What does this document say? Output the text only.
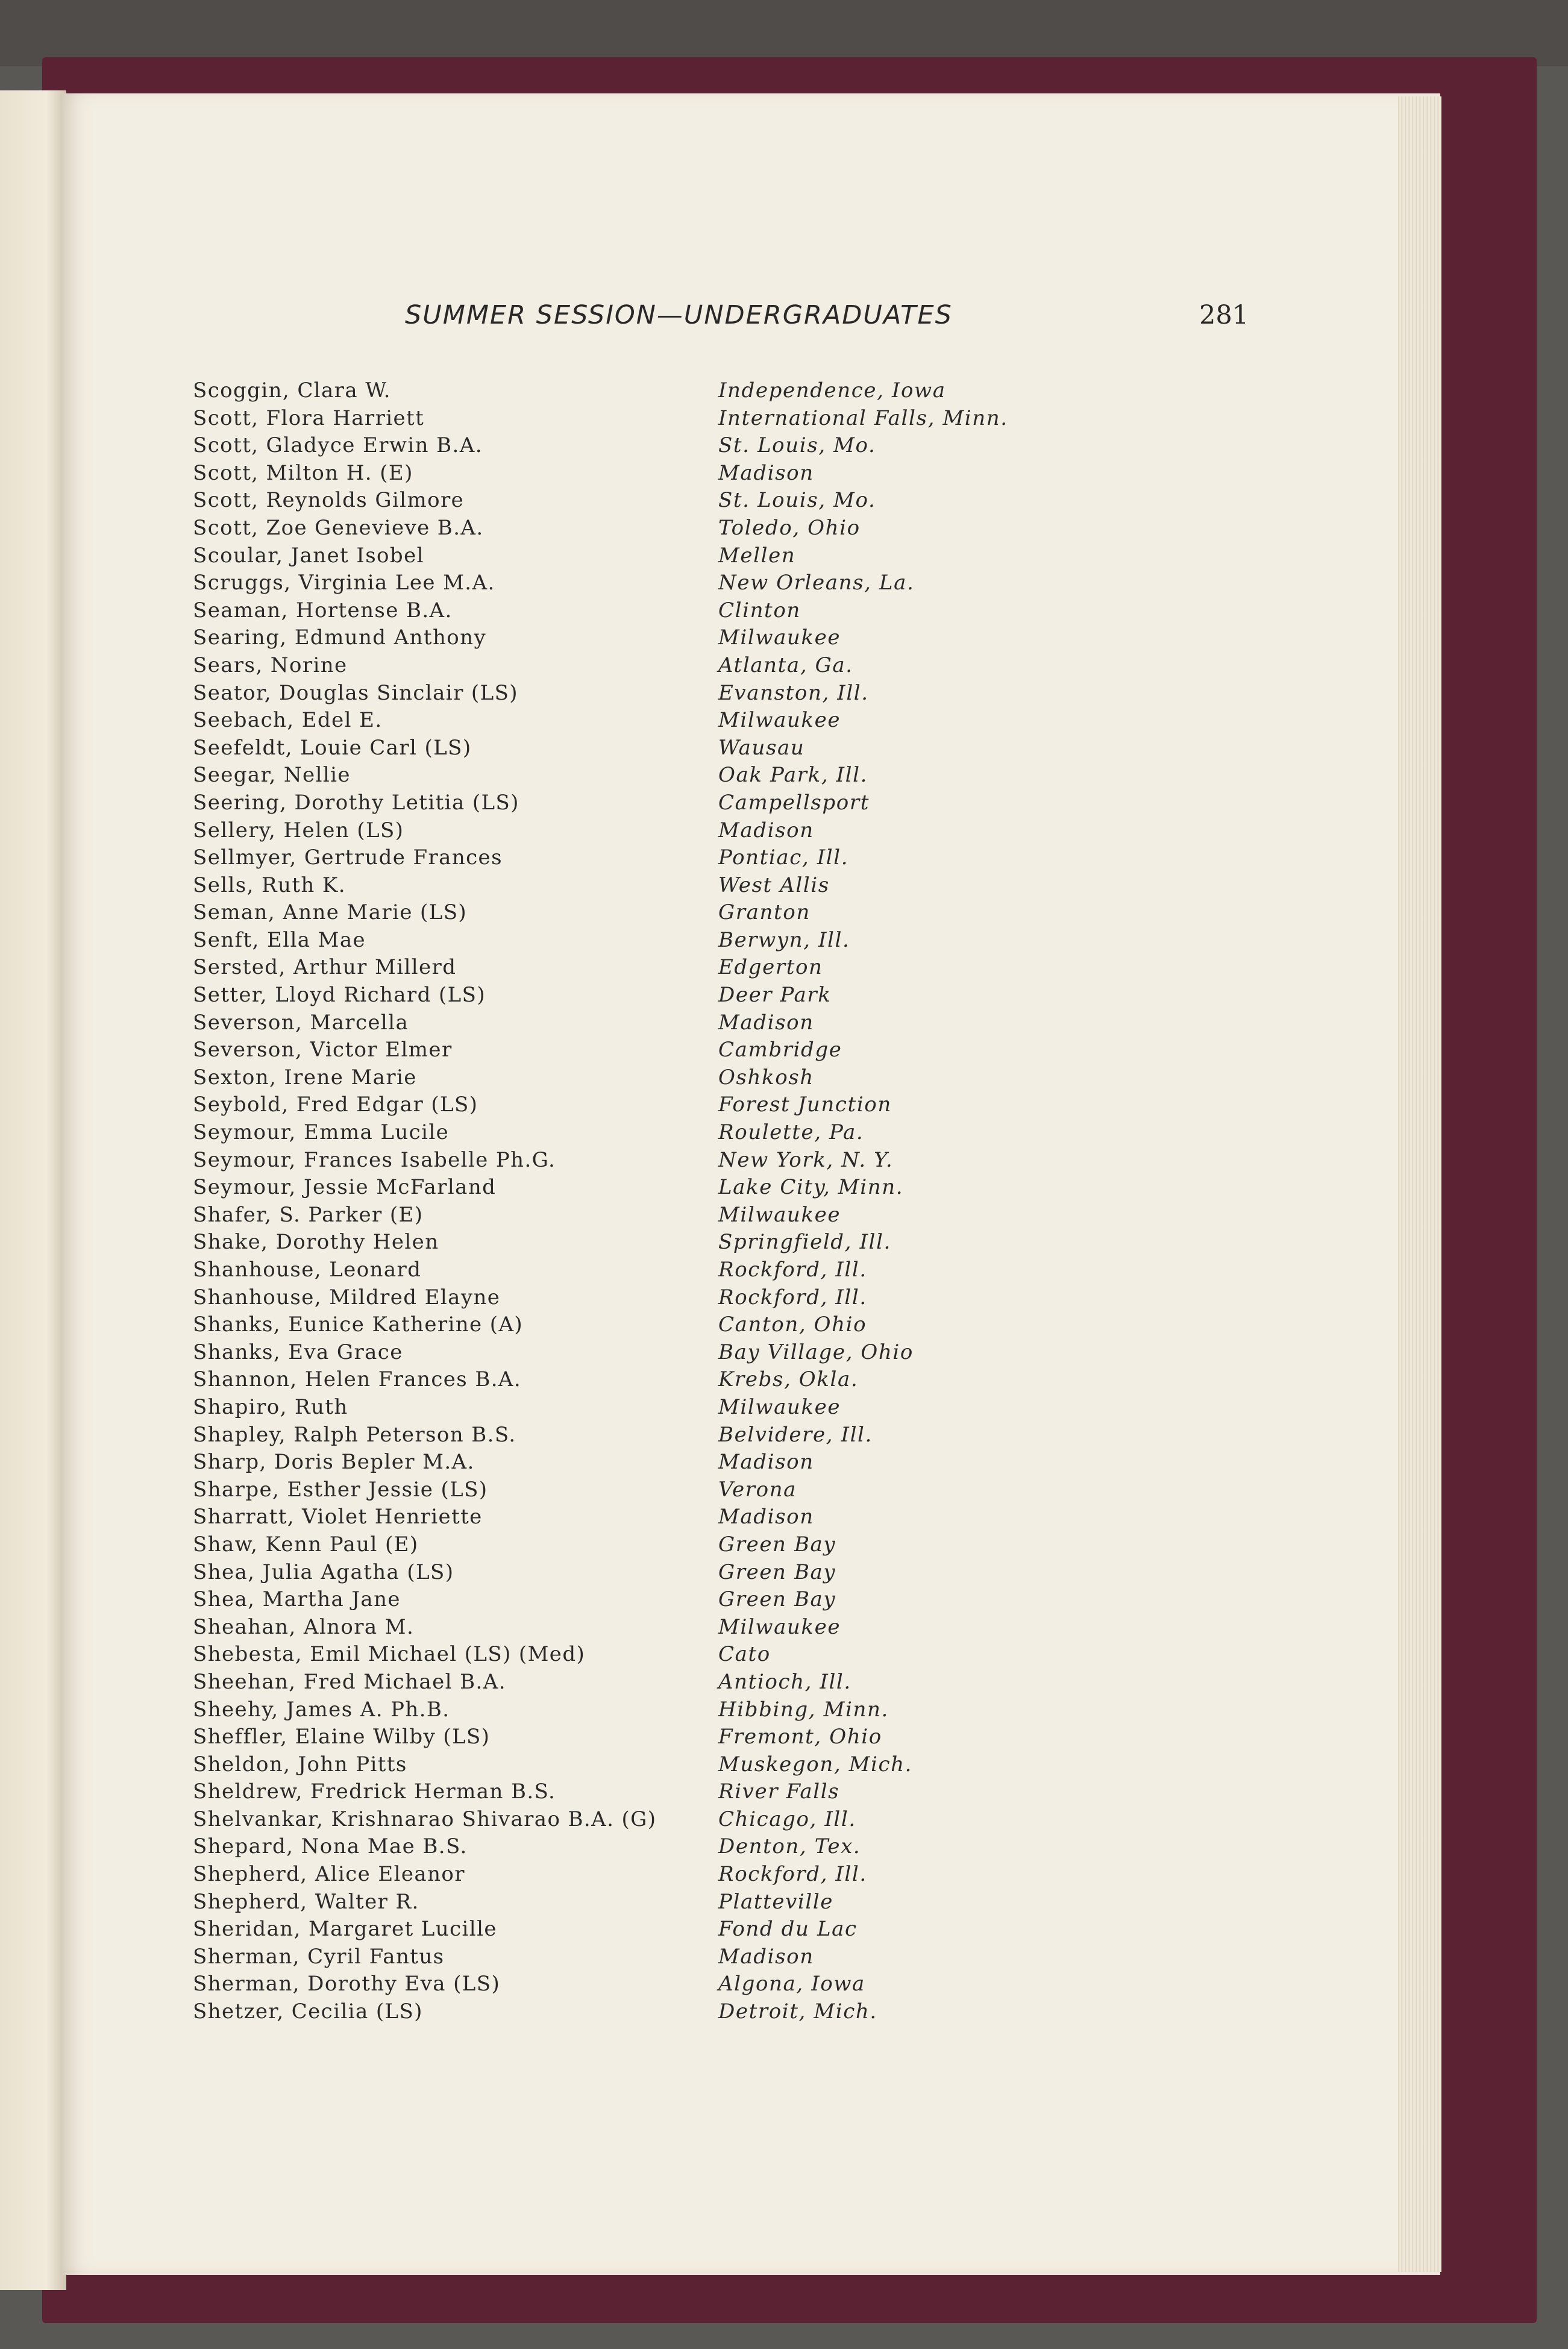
SUMMER SESSION—UNDERGRADUATES	281
Scoggin, Clara W.	Independence, Iowa
Scott, Flora Harriett	International Falls, Minn.
Scott, Gladyce Erwin B.A.	St. Louis, Mo.
Scott, Milton H. (E)	Madison
Scott, Reynolds Gilmore	St. Louis, Mo.
Scott, Zoe Genevieve B.A.	Toledo, Ohio
Scoular, Janet Isobel	Mellen
Scruggs, Virginia Lee M.A.	New Orleans, La.
Seaman, Hortense B.A.	Clinton
Searing, Edmund Anthony	Milwaukee
Sears, Norine	Atlanta, Ga.
Seator, Douglas Sinclair (LS)	Evanston, Ill.
Seebach, Edel E.	Milwaukee
Seefeldt, Louie Carl (LS)	Wausau
Seegar, Nellie	Oak Park, Ill.
Seering, Dorothy Letitia (LS)	Campellsport
Sellery, Helen (LS)	Madison
Sellmyer, Gertrude Frances	Pontiac, Ill.
Sells, Ruth K.	West Allis
Seman, Anne Marie (LS)	Granton
Senft, Ella Mae	Berwyn, Ill.
Sersted, Arthur Millerd	Edgerton
Setter, Lloyd Richard (LS)	Deer Park
Severson, Marcella	Madison
Severson, Victor Elmer	Cambridge
Sexton, Irene Marie	Oshkosh
Seybold, Fred Edgar (LS)	Forest Junction
Seymour, Emma Lucile	Roulette, Pa.
Seymour, Frances Isabelle Ph.G.	New York, N. Y.
Seymour, Jessie McFarland	Lake City, Minn.
Shafer, S. Parker (E)	Milwaukee
Shake, Dorothy Helen	Springfield, Ill.
Shanhouse, Leonard	Rockford, Ill.
Shanhouse, Mildred Elayne	Rockford, Ill.
Shanks, Eunice Katherine (A)	Canton, Ohio
Shanks, Eva Grace	Bay Village, Ohio
Shannon, Helen Frances B.A.	Krebs, Okla.
Shapiro, Ruth	Milwaukee
Shapley, Ralph Peterson B.S.	Belvidere, Ill.
Sharp, Doris Bepler M.A.	Madison
Sharpe, Esther Jessie (LS)	Verona
Sharratt, Violet Henriette	Madison
Shaw, Kenn Paul (E)	Green Bay
Shea, Julia Agatha (LS)	Green Bay
Shea, Martha Jane	Green Bay
Sheahan, Alnora M.	Milwaukee
Shebesta, Emil Michael (LS) (Med)	Cato
Sheehan, Fred Michael B.A.	Antioch, Ill.
Sheehy, James A. Ph.B.	Hibbing, Minn.
Sheffler, Elaine Wilby (LS)	Fremont, Ohio
Sheldon, John Pitts	Muskegon, Mich.
Sheldrew, Fredrick Herman B.S.	River Falls
Shelvankar, Krishnarao Shivarao B.A. (G)	Chicago, Ill.
Shepard, Nona Mae B.S.	Denton, Tex.
Shepherd, Alice Eleanor	Rockford, Ill.
Shepherd, Walter R.	Platteville
Sheridan, Margaret Lucille	Fond du Lac
Sherman, Cyril Fantus	Madison
Sherman, Dorothy Eva (LS)	Algona, Iowa
Shetzer, Cecilia (LS)	Detroit, Mich.
